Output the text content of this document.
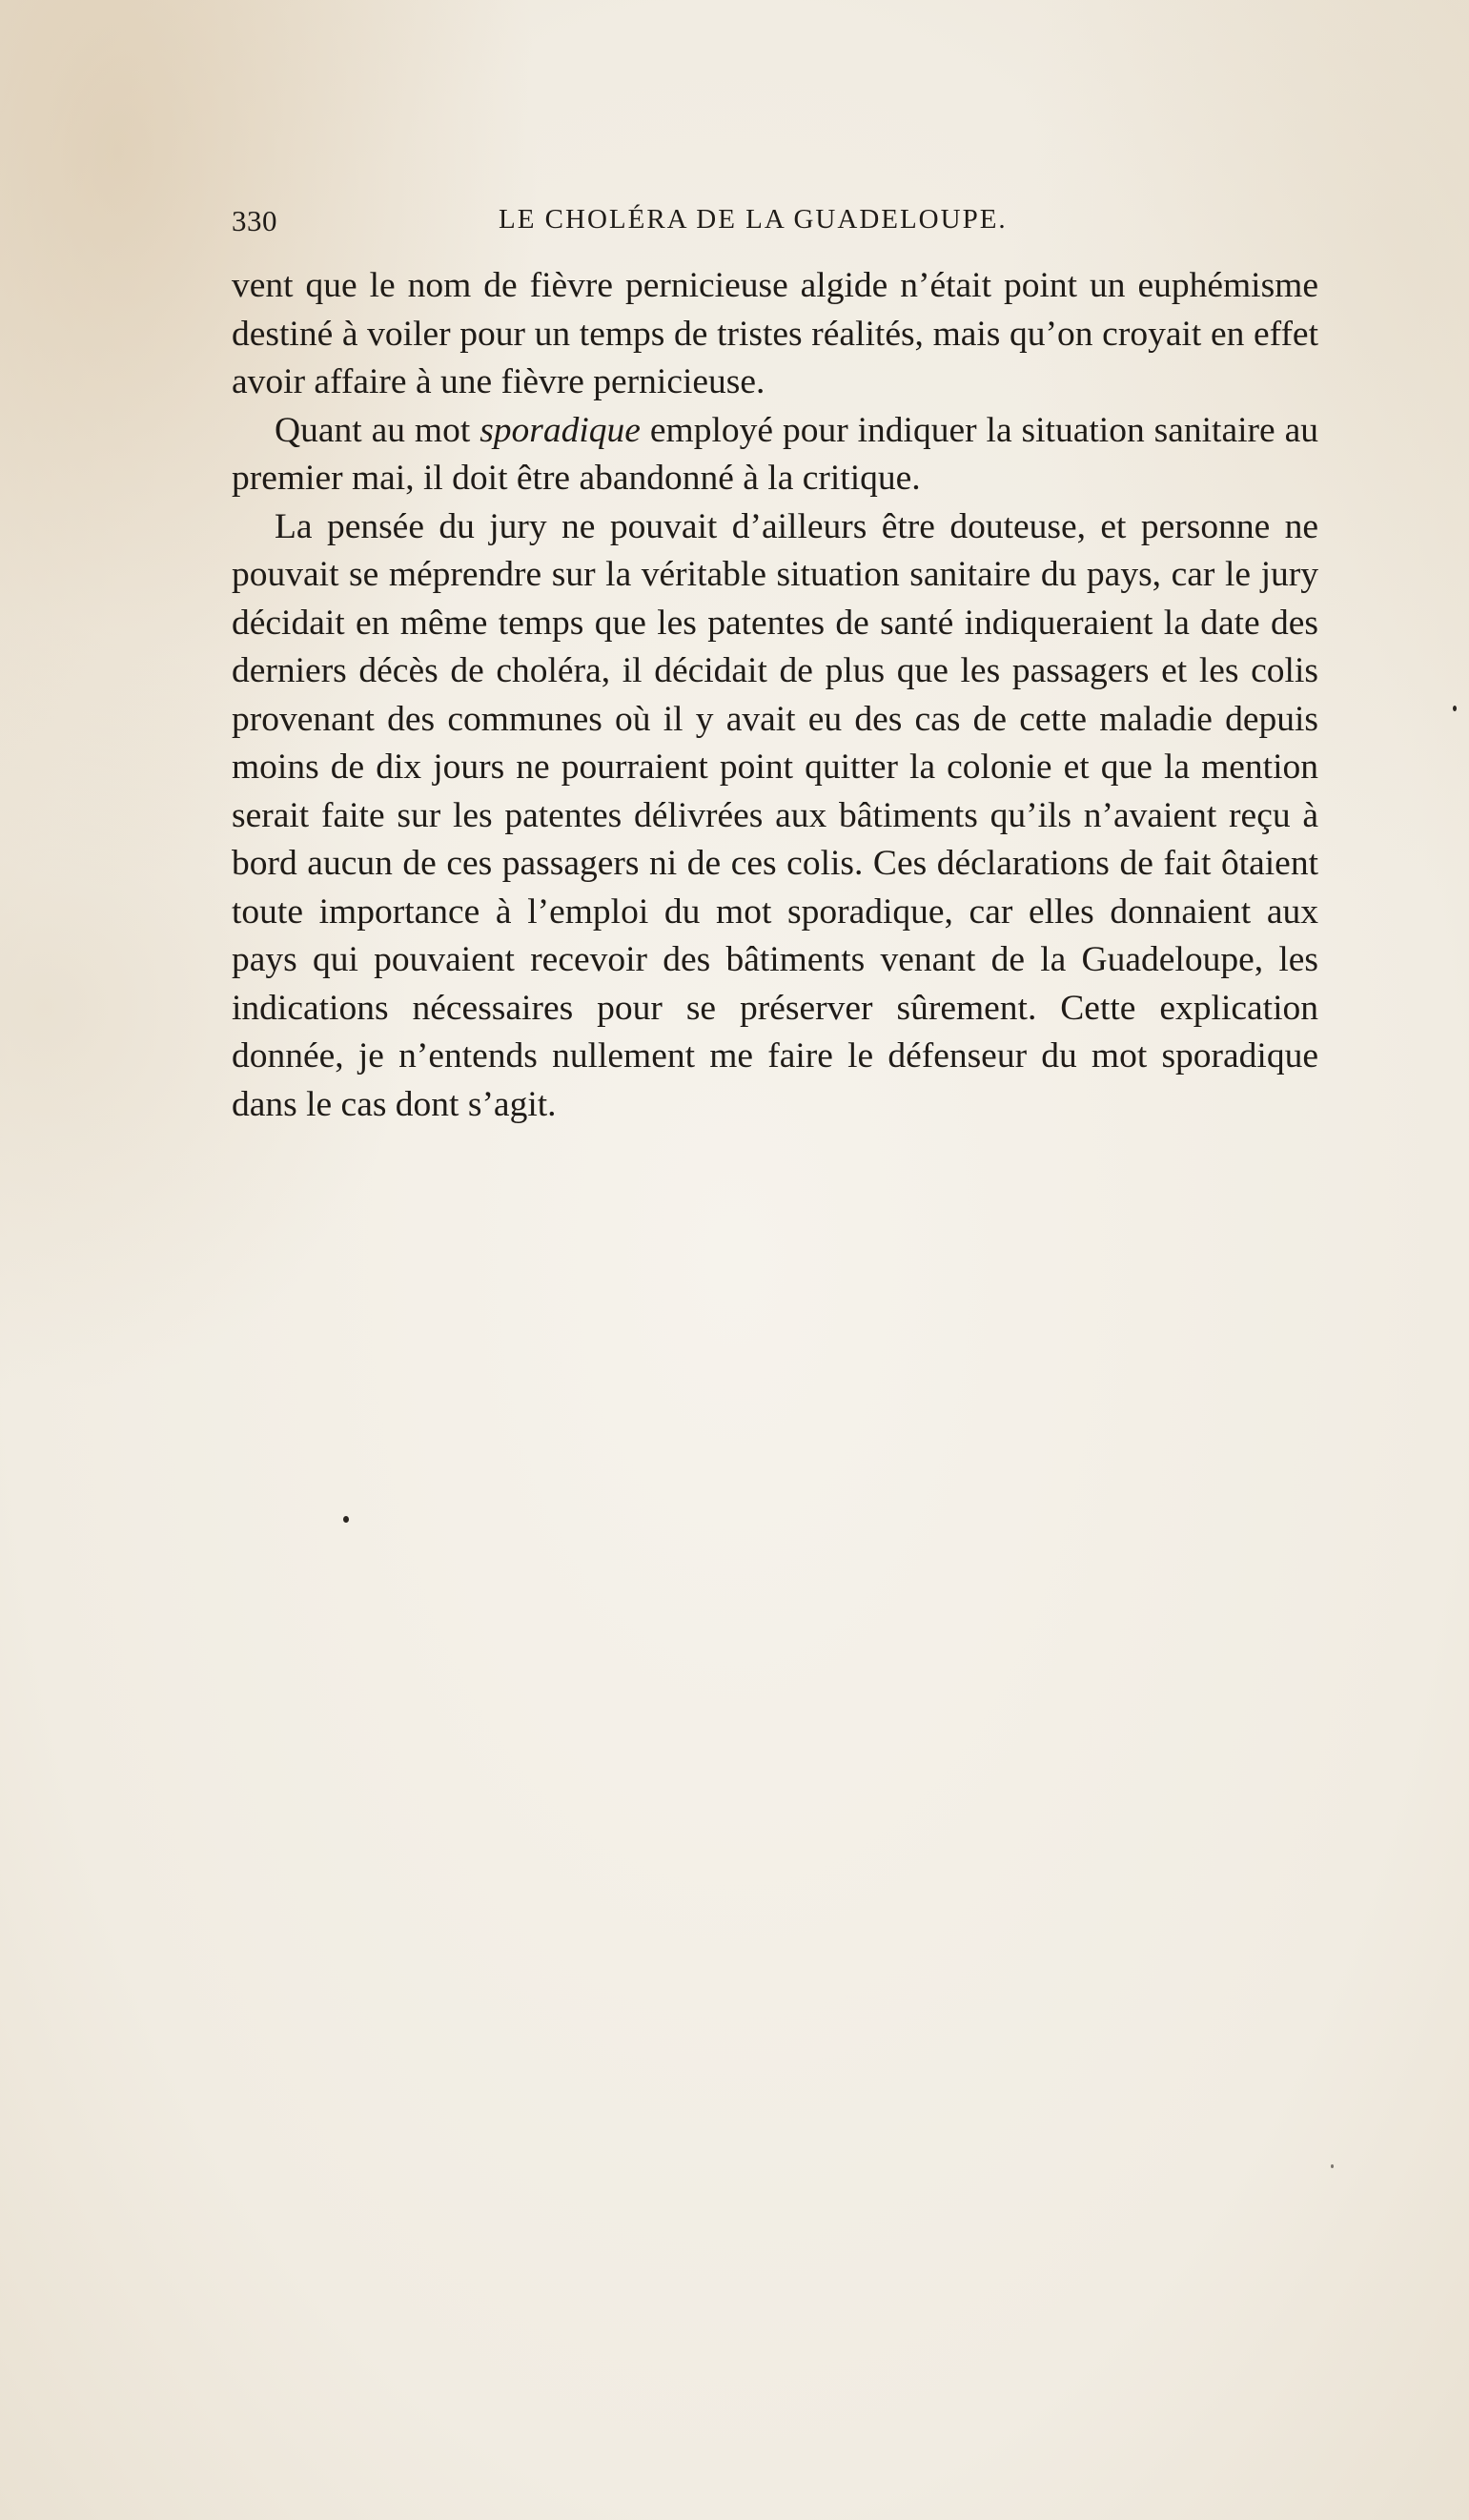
330	LE CHOLÉRA DE LA GUADELOUPE.

vent que le nom de fièvre pernicieuse algide n’était point un euphémisme destiné à voiler pour un temps de tristes réalités, mais qu’on croyait en effet avoir affaire à une fièvre pernicieuse.

Quant au mot sporadique employé pour indiquer la situation sanitaire au premier mai, il doit être abandonné à la critique.

La pensée du jury ne pouvait d’ailleurs être douteuse, et personne ne pouvait se méprendre sur la véritable situation sanitaire du pays, car le jury décidait en même temps que les patentes de santé indiqueraient la date des derniers décès de choléra, il décidait de plus que les passagers et les colis provenant des communes où il y avait eu des cas de cette maladie depuis moins de dix jours ne pourraient point quitter la colonie et que la mention serait faite sur les patentes délivrées aux bâtiments qu’ils n’avaient reçu à bord aucun de ces passagers ni de ces colis. Ces déclarations de fait ôtaient toute importance à l’emploi du mot sporadique, car elles donnaient aux pays qui pouvaient recevoir des bâtiments venant de la Guadeloupe, les indications nécessaires pour se préserver sûrement. Cette explication donnée, je n’entends nullement me faire le défenseur du mot sporadique dans le cas dont s’agit.
